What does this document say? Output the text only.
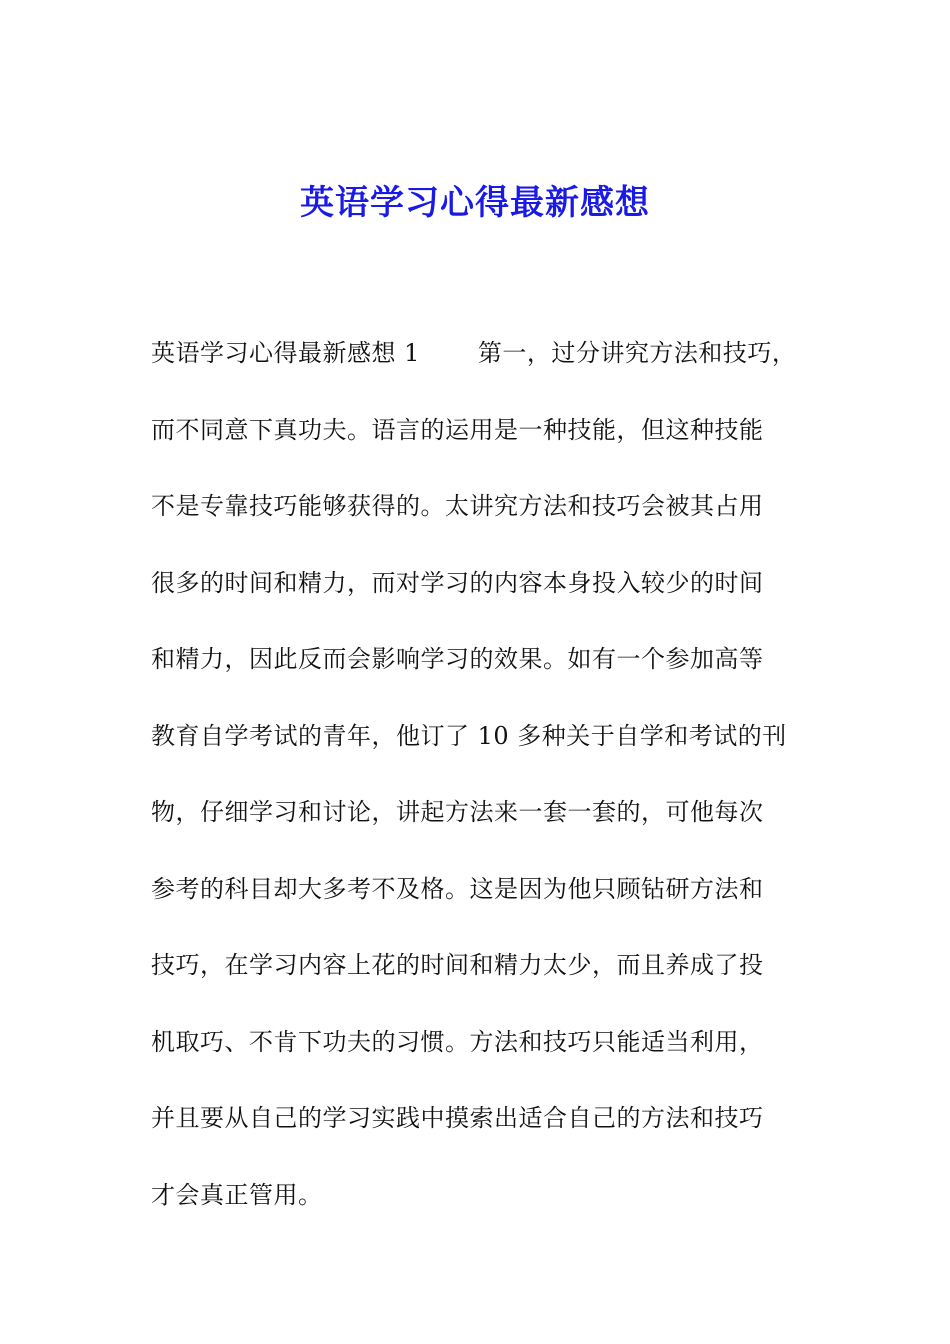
英语学习心得最新感想
英语学习心得最新感想 1 第一，过分讲究方法和技巧，
而不同意下真功夫。语言的运用是一种技能，但这种技能
不是专靠技巧能够获得的。太讲究方法和技巧会被其占用
很多的时间和精力，而对学习的内容本身投入较少的时间
和精力，因此反而会影响学习的效果。如有一个参加高等
教育自学考试的青年，他订了 10 多种关于自学和考试的刊
物，仔细学习和讨论，讲起方法来一套一套的，可他每次
参考的科目却大多考不及格。这是因为他只顾钻研方法和
技巧，在学习内容上花的时间和精力太少，而且养成了投
机取巧、不肯下功夫的习惯。方法和技巧只能适当利用，
并且要从自己的学习实践中摸索出适合自己的方法和技巧
才会真正管用。
